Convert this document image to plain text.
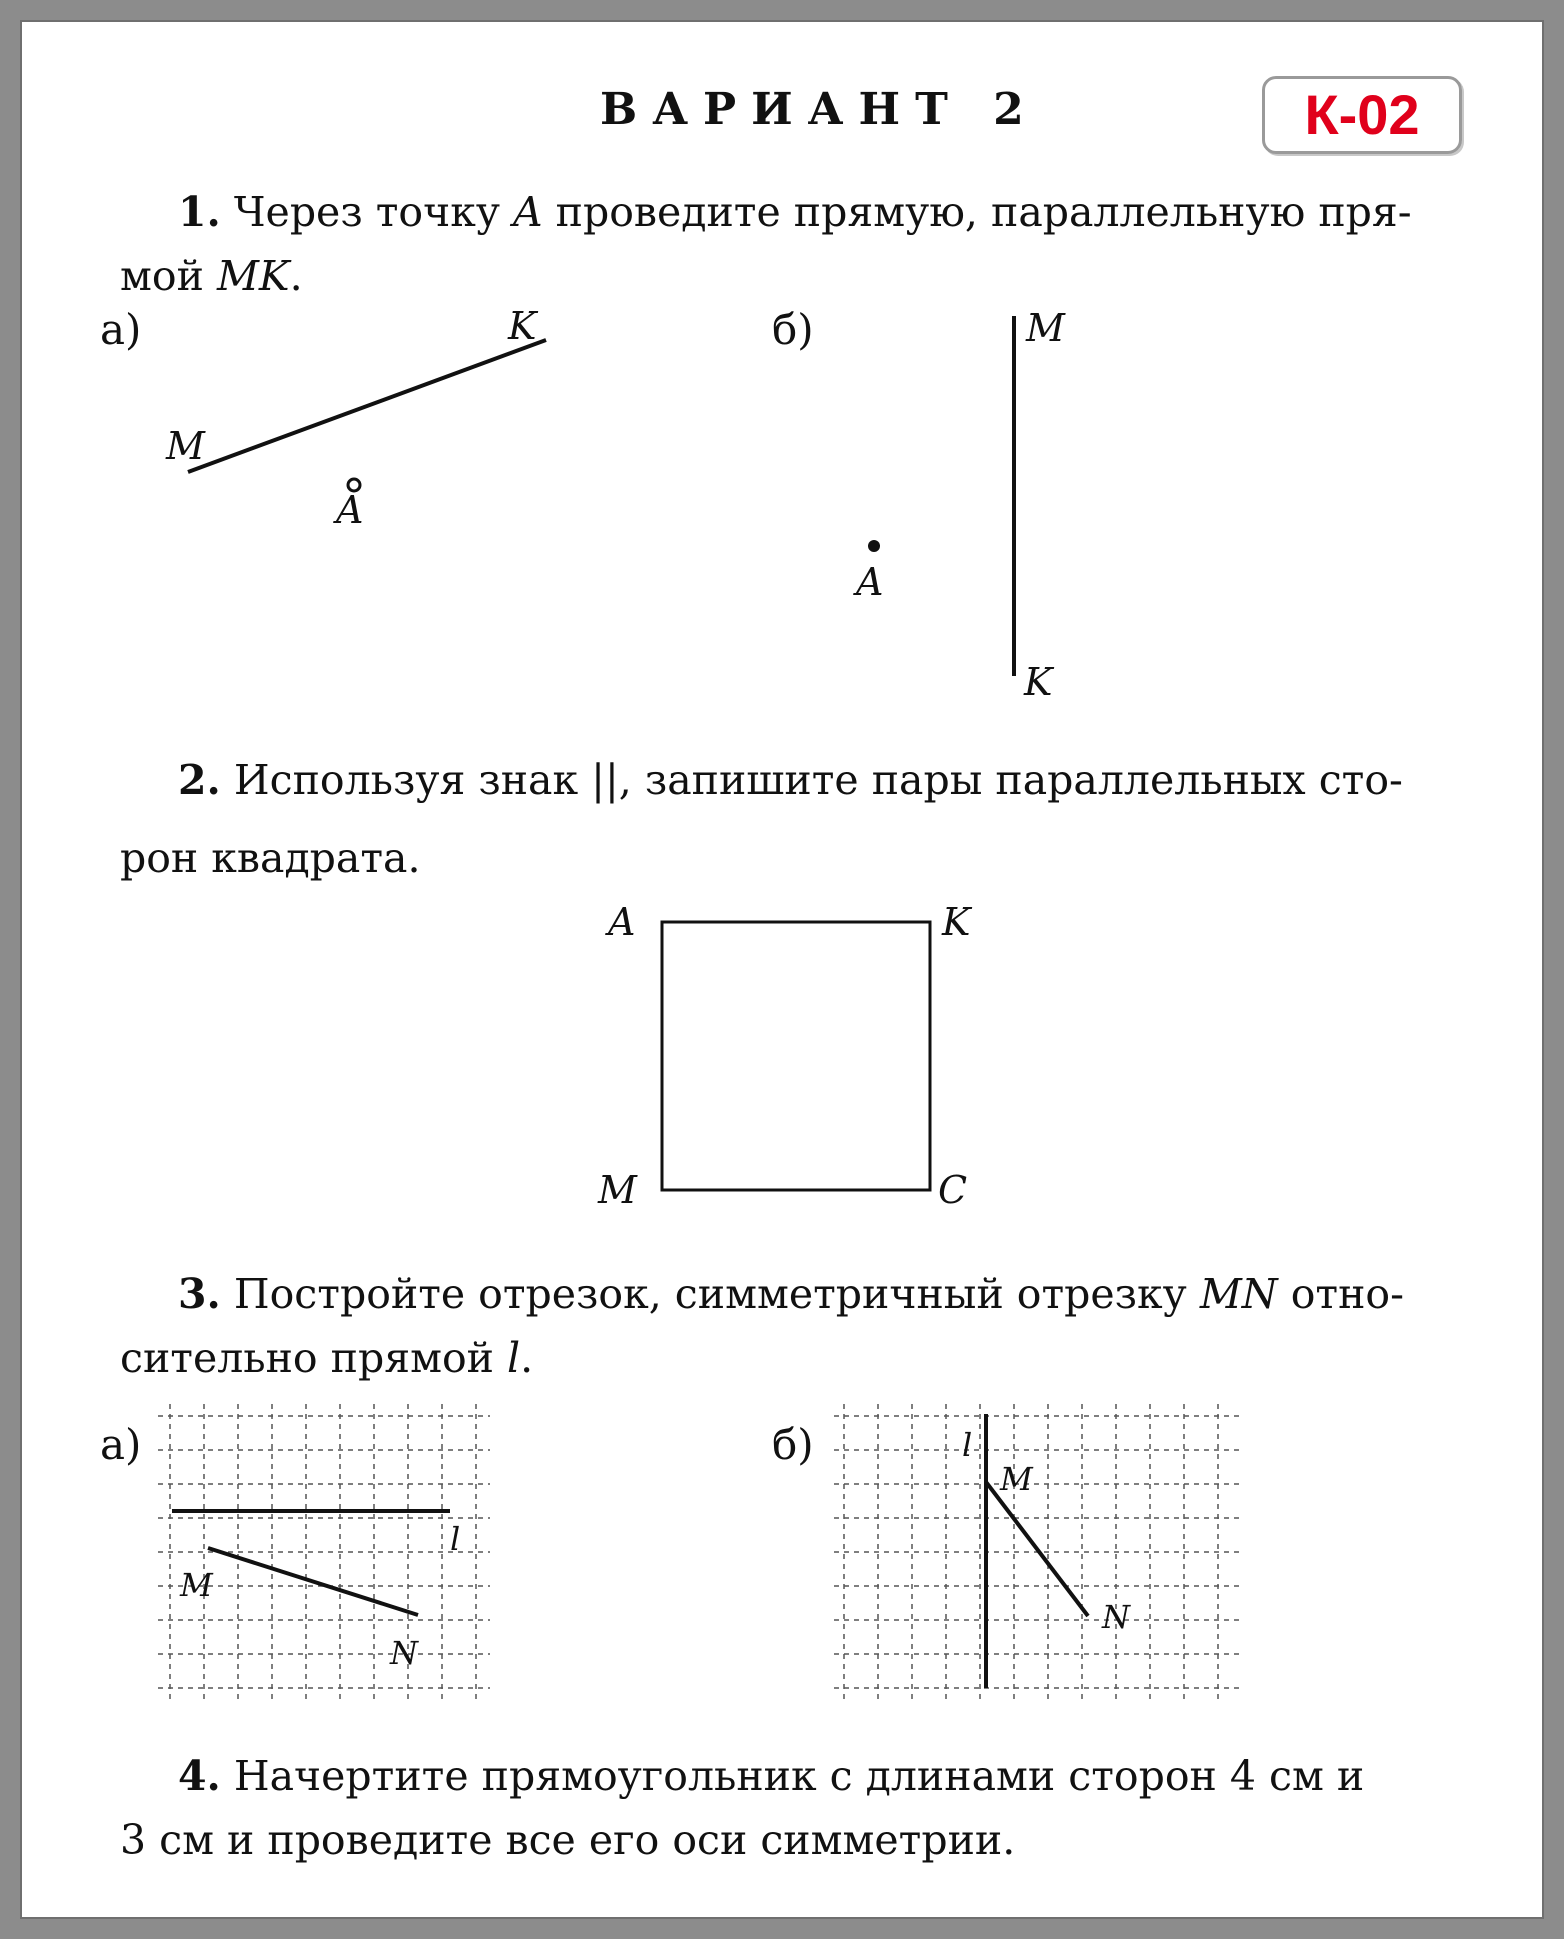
ВАРИАНТ 2	К-02
1. Через точку A проведите прямую, параллельную пря-
мой MK.
а)	б)
K
M
A
M
A
K
2. Используя знак ||, запишите пары параллельных сто-
рон квадрата.
A	K
M	C
3. Постройте отрезок, симметричный отрезку MN отно-
сительно прямой l.
а)	б)
l
M
N
l
M
N
4. Начертите прямоугольник с длинами сторон 4 см и
3 см и проведите все его оси симметрии.
